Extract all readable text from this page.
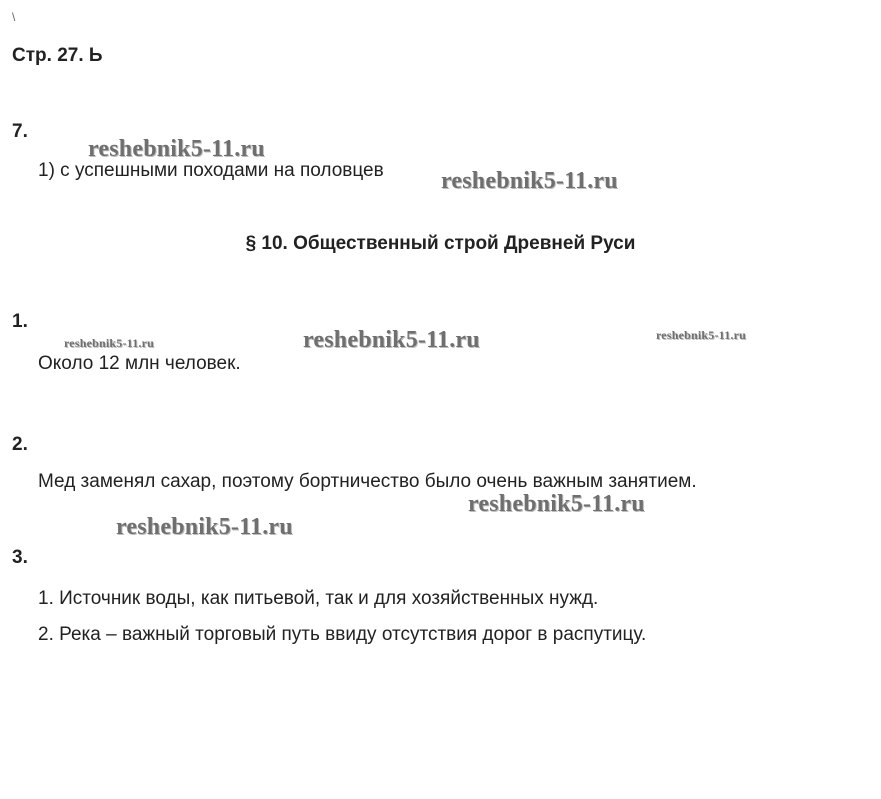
\
Стр. 27. Ь
7.
reshebnik5-11.ru
1) с успешными походами на половцев reshebnik5-11.ru
§ 10. Общественный строй Древней Руси
1.
reshebnik5-11.ru	reshebnik5-11.ru	reshebnik5-11.ru
Около 12 млн человек.
2.
Мед заменял сахар, поэтому бортничество было очень важным занятием.
reshebnik5-11.ru
reshebnik5-11.ru
3.
1. Источник воды, как питьевой, так и для хозяйственных нужд.
2. Река – важный торговый путь ввиду отсутствия дорог в распутицу.
